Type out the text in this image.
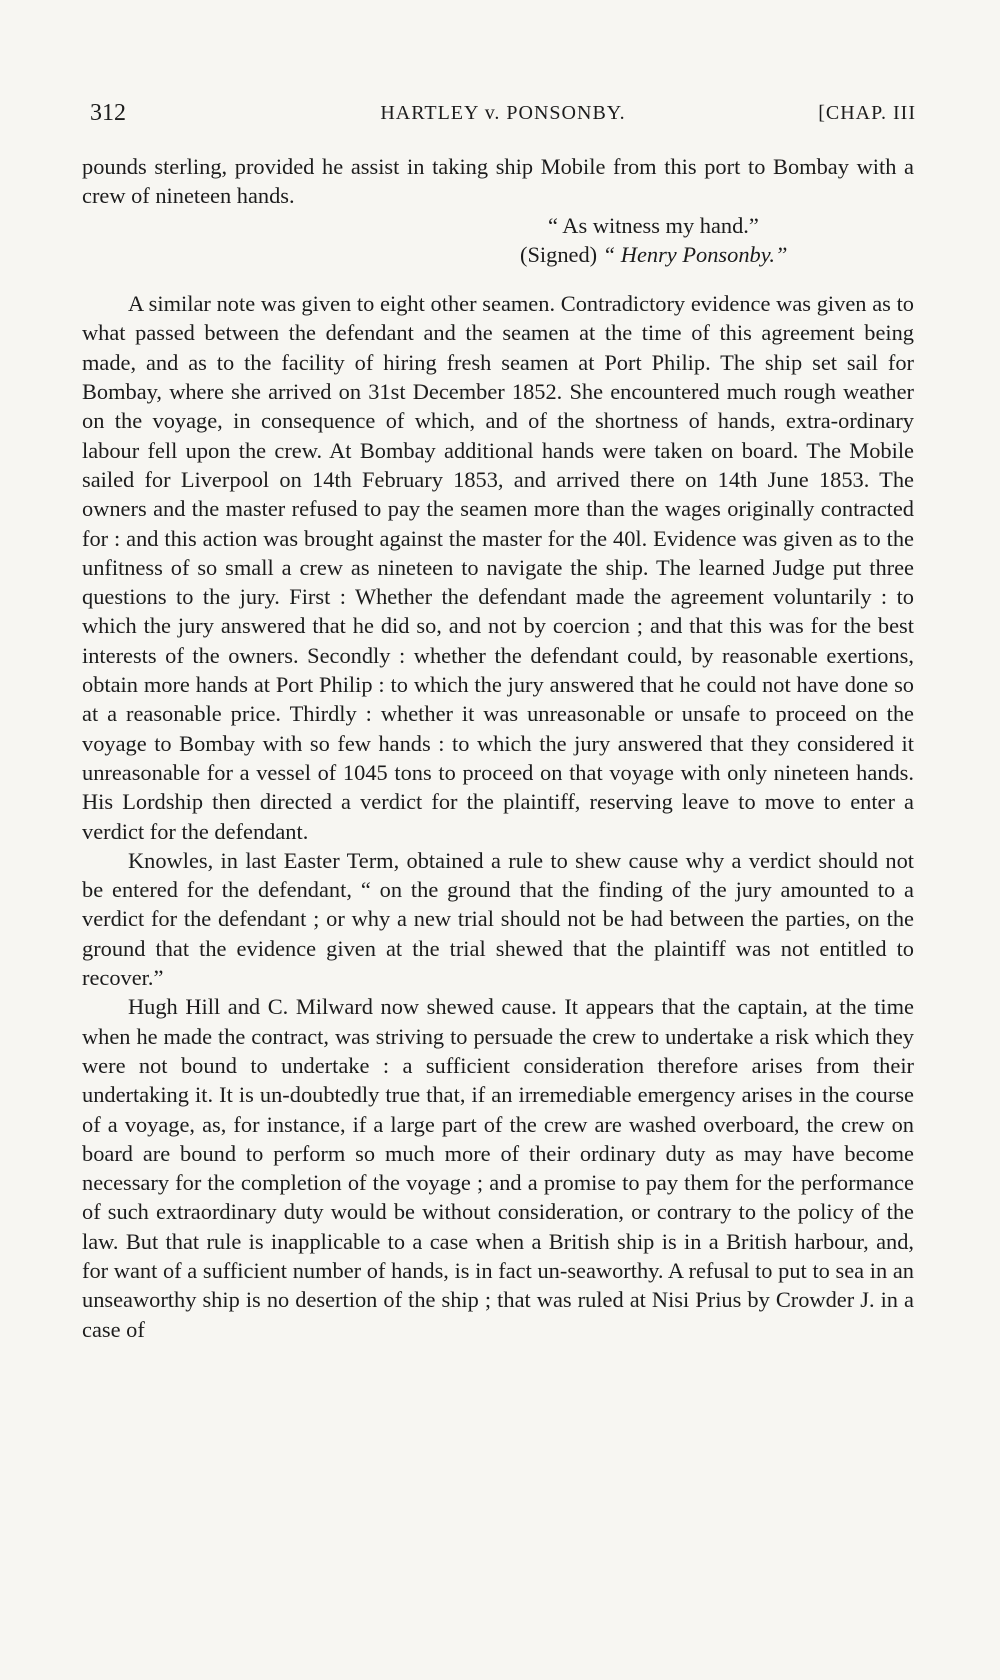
312	HARTLEY v. PONSONBY.	[CHAP. III

pounds sterling, provided he assist in taking ship Mobile from this port to Bombay with a crew of nineteen hands.

“ As witness my hand.”
(Signed) “ Henry Ponsonby.”

A similar note was given to eight other seamen. Contradictory evidence was given as to what passed between the defendant and the seamen at the time of this agreement being made, and as to the facility of hiring fresh seamen at Port Philip. The ship set sail for Bombay, where she arrived on 31st December 1852. She encountered much rough weather on the voyage, in consequence of which, and of the shortness of hands, extra-ordinary labour fell upon the crew. At Bombay additional hands were taken on board. The Mobile sailed for Liverpool on 14th February 1853, and arrived there on 14th June 1853. The owners and the master refused to pay the seamen more than the wages originally contracted for : and this action was brought against the master for the 40l. Evidence was given as to the unfitness of so small a crew as nineteen to navigate the ship. The learned Judge put three questions to the jury. First : Whether the defendant made the agreement voluntarily : to which the jury answered that he did so, and not by coercion ; and that this was for the best interests of the owners. Secondly : whether the defendant could, by reasonable exertions, obtain more hands at Port Philip : to which the jury answered that he could not have done so at a reasonable price. Thirdly : whether it was unreasonable or unsafe to proceed on the voyage to Bombay with so few hands : to which the jury answered that they considered it unreasonable for a vessel of 1045 tons to proceed on that voyage with only nineteen hands. His Lordship then directed a verdict for the plaintiff, reserving leave to move to enter a verdict for the defendant.

Knowles, in last Easter Term, obtained a rule to shew cause why a verdict should not be entered for the defendant, “ on the ground that the finding of the jury amounted to a verdict for the defendant ; or why a new trial should not be had between the parties, on the ground that the evidence given at the trial shewed that the plaintiff was not entitled to recover.”

Hugh Hill and C. Milward now shewed cause. It appears that the captain, at the time when he made the contract, was striving to persuade the crew to undertake a risk which they were not bound to undertake : a sufficient consideration therefore arises from their undertaking it. It is un-doubtedly true that, if an irremediable emergency arises in the course of a voyage, as, for instance, if a large part of the crew are washed overboard, the crew on board are bound to perform so much more of their ordinary duty as may have become necessary for the completion of the voyage ; and a promise to pay them for the performance of such extraordinary duty would be without consideration, or contrary to the policy of the law. But that rule is inapplicable to a case when a British ship is in a British harbour, and, for want of a sufficient number of hands, is in fact un-seaworthy. A refusal to put to sea in an unseaworthy ship is no desertion of the ship ; that was ruled at Nisi Prius by Crowder J. in a case of
